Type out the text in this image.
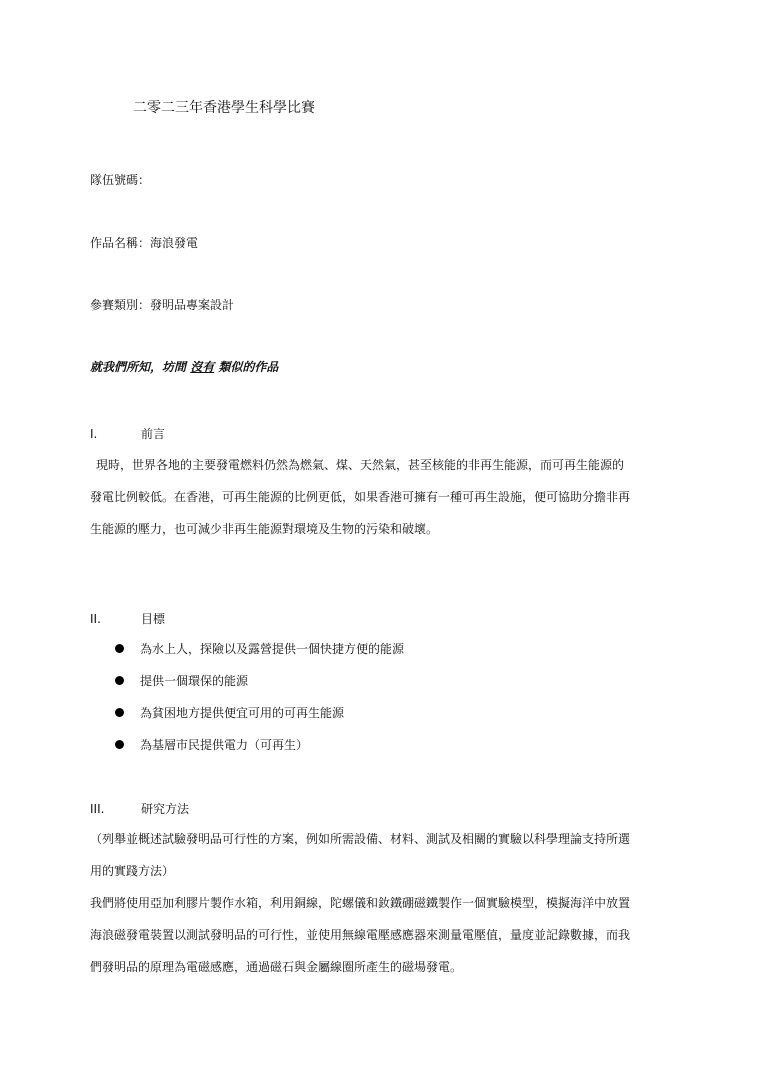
二零二三年香港學生科學比賽
隊伍號碼：
作品名稱：海浪發電
參賽類別：發明品專案設計
就我們所知，坊間 沒有 類似的作品
I.	前言
現時，世界各地的主要發電燃料仍然為燃氣、煤、天然氣，甚至核能的非再生能源，而可再生能源的
發電比例較低。在香港，可再生能源的比例更低，如果香港可擁有一種可再生設施，便可協助分擔非再
生能源的壓力，也可減少非再生能源對環境及生物的污染和破壞。
II.	目標
為水上人，探險以及露營提供一個快捷方便的能源
提供一個環保的能源
為貧困地方提供便宜可用的可再生能源
為基層市民提供電力（可再生）
III.	研究方法
（列舉並概述試驗發明品可行性的方案，例如所需設備、材料、測試及相關的實驗以科學理論支持所選
用的實踐方法）
我們將使用亞加利膠片製作水箱，利用銅線，陀螺儀和釹鐵硼磁鐵製作一個實驗模型，模擬海洋中放置
海浪磁發電裝置以測試發明品的可行性，並使用無線電壓感應器來測量電壓值，量度並記錄數據，而我
們發明品的原理為電磁感應，通過磁石與金屬線圈所產生的磁場發電。
